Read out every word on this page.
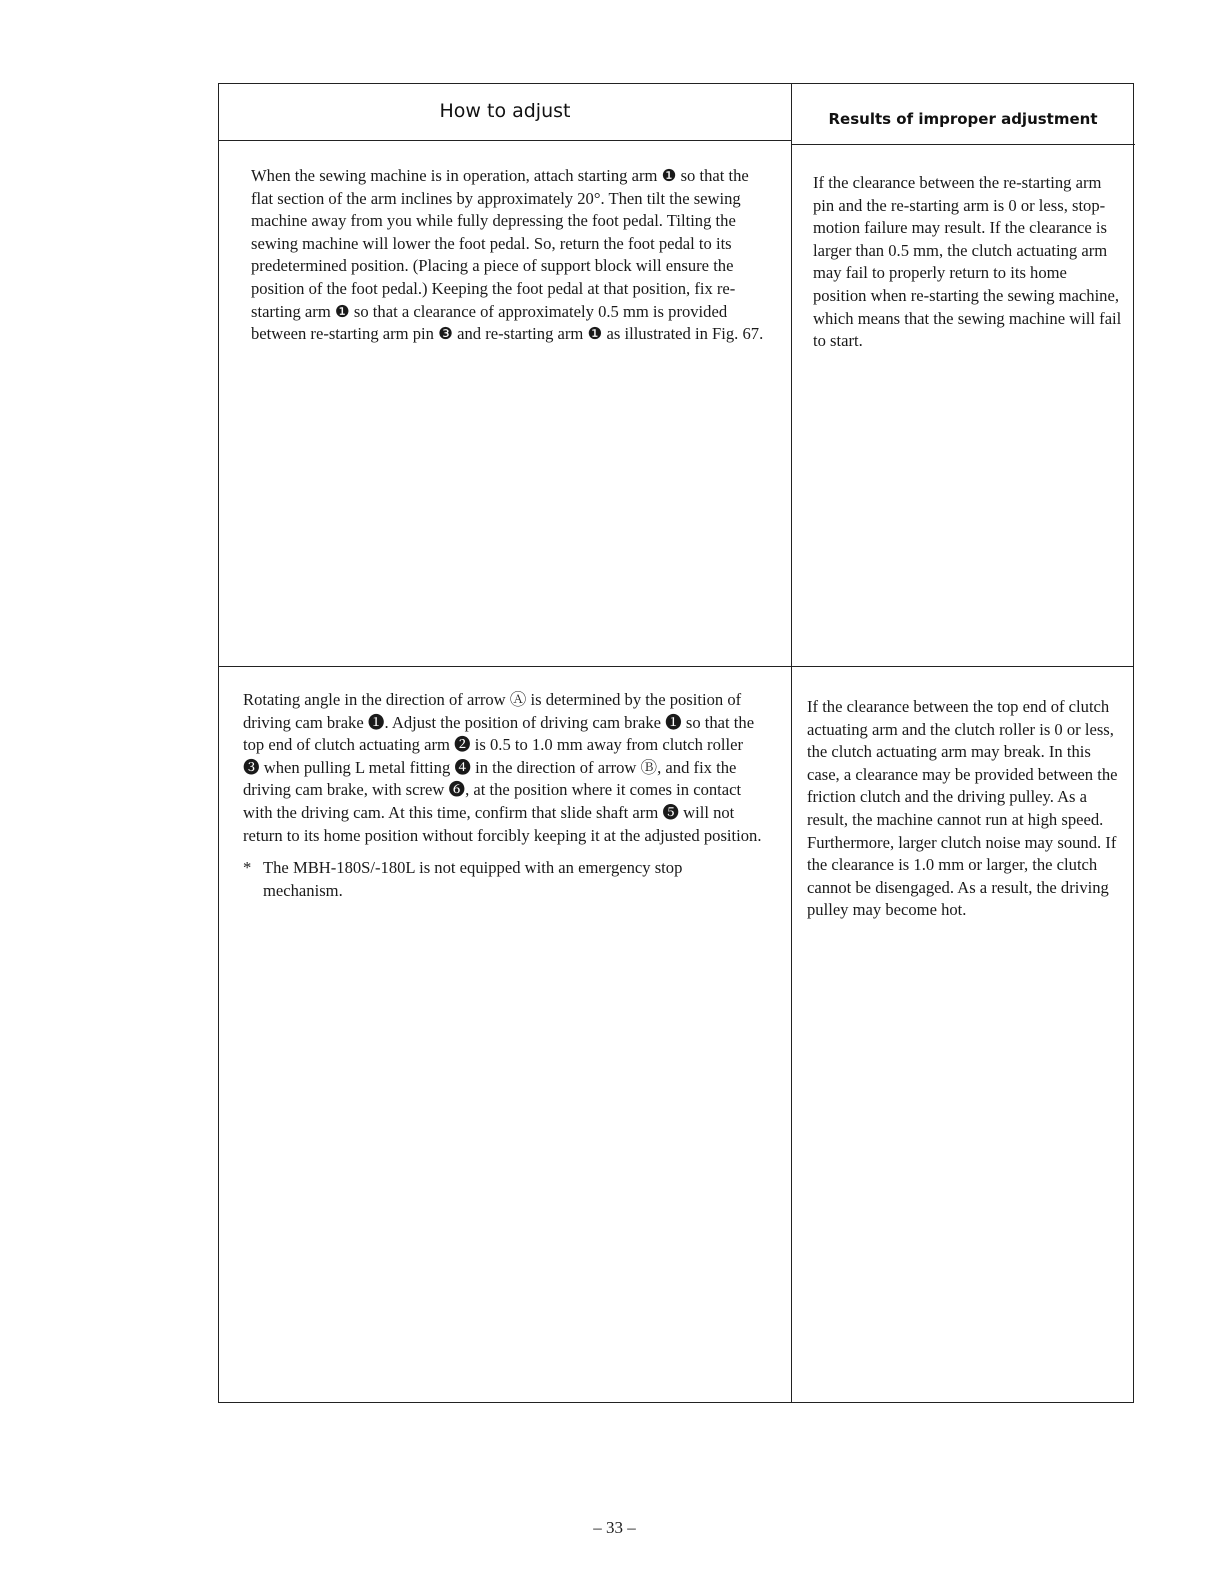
How to adjust	Results of improper adjustment

When the sewing machine is in operation, attach starting arm ❶ so that the flat section of the arm inclines by approximately 20°. Then tilt the sewing machine away from you while fully depressing the foot pedal. Tilting the sewing machine will lower the foot pedal. So, return the foot pedal to its predetermined position. (Placing a piece of support block will ensure the position of the foot pedal.) Keeping the foot pedal at that position, fix re-starting arm ❶ so that a clearance of approximately 0.5 mm is provided between re-starting arm pin ❸ and re-starting arm ❶ as illustrated in Fig. 67.

If the clearance between the re-starting arm pin and the re-starting arm is 0 or less, stop-motion failure may result. If the clearance is larger than 0.5 mm, the clutch actuating arm may fail to properly return to its home position when re-starting the sewing machine, which means that the sewing machine will fail to start.

Rotating angle in the direction of arrow Ⓐ is determined by the position of driving cam brake ❶. Adjust the position of driving cam brake ❶ so that the top end of clutch actuating arm ❷ is 0.5 to 1.0 mm away from clutch roller ❸ when pulling L metal fitting ❹ in the direction of arrow Ⓑ, and fix the driving cam brake, with screw ❻, at the position where it comes in contact with the driving cam. At this time, confirm that slide shaft arm ❺ will not return to its home position without forcibly keeping it at the adjusted position.

* The MBH-180S/-180L is not equipped with an emergency stop mechanism.

If the clearance between the top end of clutch actuating arm and the clutch roller is 0 or less, the clutch actuating arm may break. In this case, a clearance may be provided between the friction clutch and the driving pulley. As a result, the machine cannot run at high speed. Furthermore, larger clutch noise may sound. If the clearance is 1.0 mm or larger, the clutch cannot be disengaged. As a result, the driving pulley may become hot.

– 33 –
